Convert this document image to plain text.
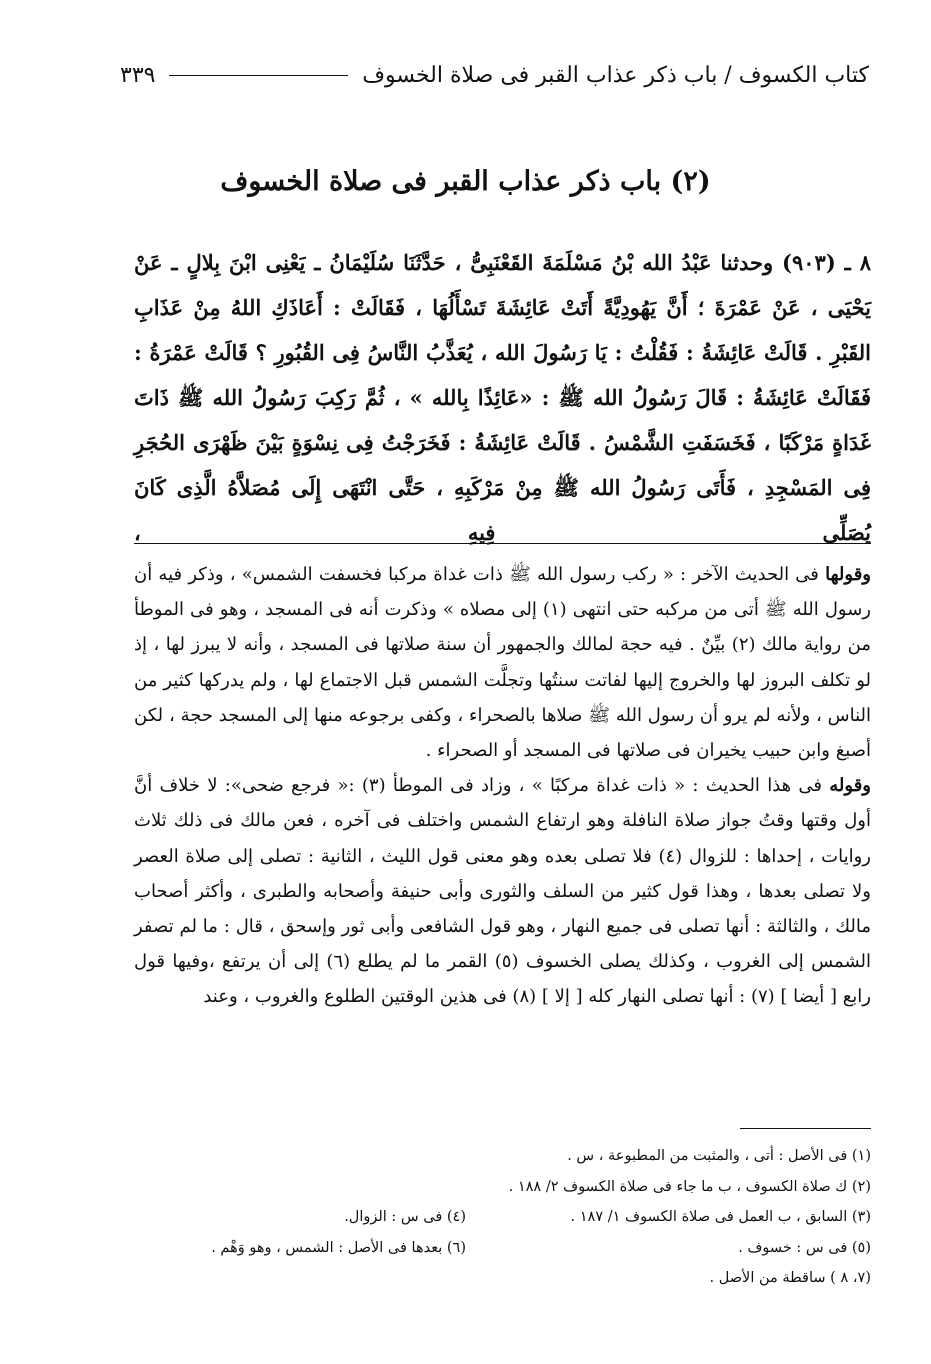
كتاب الكسوف / باب ذكر عذاب القبر فى صلاة الخسوف
٣٣٩
(٢) باب ذكر عذاب القبر فى صلاة الخسوف
٨ ـ (٩٠٣) وحدثنا عَبْدُ الله بْنُ مَسْلَمَةَ القَعْنَبِىُّ ، حَدَّثَنَا سُلَيْمَانُ ـ يَعْنِى ابْنَ بِلالٍ ـ عَنْ يَحْيَى ، عَنْ عَمْرَةَ ؛ أَنَّ يَهُودِيَّةً أَتَتْ عَائِشَةَ تَسْأَلُهَا ، فَقَالَتْ : أَعَاذَكِ اللهُ مِنْ عَذَابِ القَبْرِ . قَالَتْ عَائِشَةُ : فَقُلْتُ : يَا رَسُولَ الله ، يُعَذَّبُ النَّاسُ فِى القُبُورِ ؟ قَالَتْ عَمْرَةُ : فَقَالَتْ عَائِشَةُ : قَالَ رَسُولُ الله ﷺ : «عَائِذًا بِالله » ، ثُمَّ رَكِبَ رَسُولُ الله ﷺ ذَاتَ غَدَاةٍ مَرْكَبًا ، فَخَسَفَتِ الشَّمْسُ . قَالَتْ عَائِشَةُ : فَخَرَجْتُ فِى نِسْوَةٍ بَيْنَ ظَهْرَى الحُجَرِ فِى المَسْجِدِ ، فَأَتَى رَسُولُ الله ﷺ مِنْ مَرْكَبِهِ ، حَتَّى انْتَهَى إِلَى مُصَلاَّهُ الَّذِى كَانَ يُصَلِّى فِيهِ ،

وقولها فى الحديث الآخر : « ركب رسول الله ﷺ ذات غداة مركبا فخسفت الشمس» ، وذكر فيه أن رسول الله ﷺ أتى من مركبه حتى انتهى (١) إلى مصلاه » وذكرت أنه فى المسجد ، وهو فى الموطأ من رواية مالك (٢) بيِّنٌ . فيه حجة لمالك والجمهور أن سنة صلاتها فى المسجد ، وأنه لا يبرز لها ، إذ لو تكلف البروز لها والخروج إليها لفاتت سنتُها وتجلَّت الشمس قبل الاجتماع لها ، ولم يدركها كثير من الناس ، ولأنه لم يرو أن رسول الله ﷺ صلاها بالصحراء ، وكفى برجوعه منها إلى المسجد حجة ، لكن أصبغ وابن حبيب يخيران فى صلاتها فى المسجد أو الصحراء .

وقوله فى هذا الحديث : « ذات غداة مركبًا » ، وزاد فى الموطأ (٣) :« فرجع ضحى»: لا خلاف أنَّ أول وقتها وقتُ جواز صلاة النافلة وهو ارتفاع الشمس واختلف فى آخره ، فعن مالك فى ذلك ثلاث روايات ، إحداها : للزوال (٤) فلا تصلى بعده وهو معنى قول الليث ، الثانية : تصلى إلى صلاة العصر ولا تصلى بعدها ، وهذا قول كثير من السلف والثورى وأبى حنيفة وأصحابه والطبرى ، وأكثر أصحاب مالك ، والثالثة : أنها تصلى فى جميع النهار ، وهو قول الشافعى وأبى ثور وإسحق ، قال : ما لم تصفر الشمس إلى الغروب ، وكذلك يصلى الخسوف (٥) القمر ما لم يطلع (٦) إلى أن يرتفع ،وفيها قول رابع [ أيضا ] (٧) : أنها تصلى النهار كله [ إلا ] (٨) فى هذين الوقتين الطلوع والغروب ، وعند

(١) فى الأصل : أتى ، والمثبت من المطبوعة ، س .
(٢) ك صلاة الكسوف ، ب ما جاء فى صلاة الكسوف ٢/ ١٨٨ .
(٣) السابق ، ب العمل فى صلاة الكسوف ١/ ١٨٧ .
(٤) فى س : الزوال.
(٥) فى س : خسوف .
(٦) بعدها فى الأصل : الشمس ، وهو وَهْم .
(٧، ٨ ) ساقطة من الأصل .
